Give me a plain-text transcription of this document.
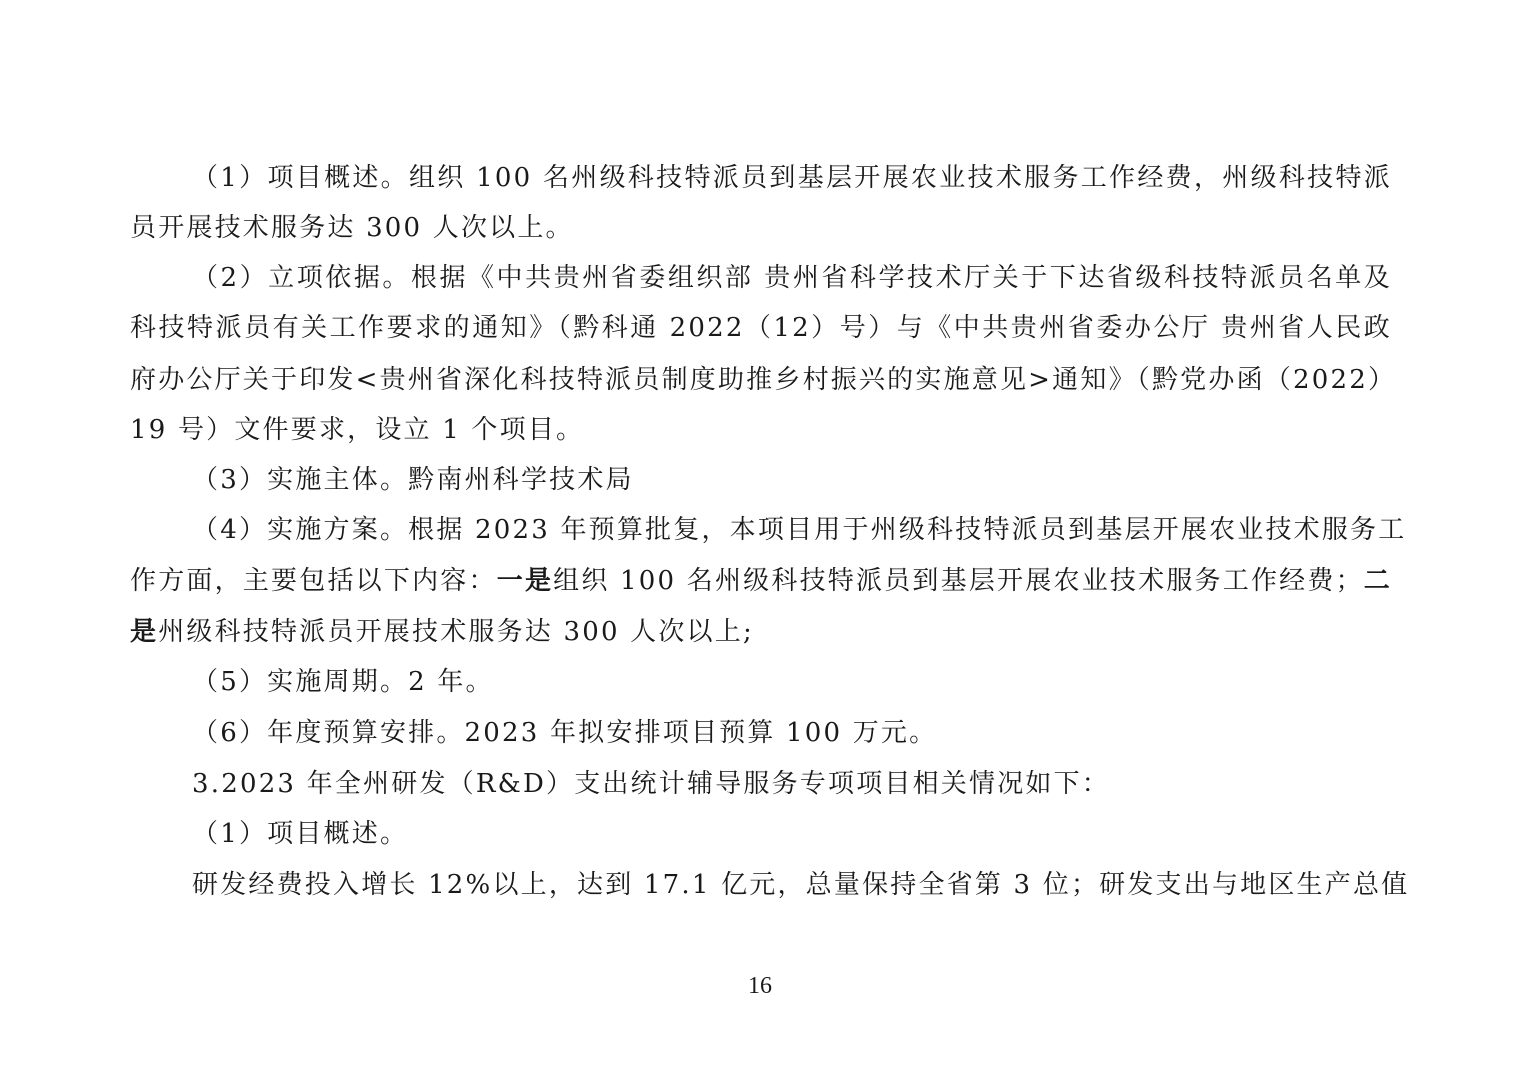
（1）项目概述。组织 100 名州级科技特派员到基层开展农业技术服务工作经费，州级科技特派
员开展技术服务达 300 人次以上。
（2）立项依据。根据《中共贵州省委组织部 贵州省科学技术厅关于下达省级科技特派员名单及
科技特派员有关工作要求的通知》（黔科通 2022（12）号）与《中共贵州省委办公厅 贵州省人民政
府办公厅关于印发<贵州省深化科技特派员制度助推乡村振兴的实施意见>通知》（黔党办函（2022）
19 号）文件要求，设立 1 个项目。
（3）实施主体。黔南州科学技术局
（4）实施方案。根据 2023 年预算批复，本项目用于州级科技特派员到基层开展农业技术服务工
作方面，主要包括以下内容：一是组织 100 名州级科技特派员到基层开展农业技术服务工作经费；二
是州级科技特派员开展技术服务达 300 人次以上;
（5）实施周期。2 年。
（6）年度预算安排。2023 年拟安排项目预算 100 万元。
3.2023 年全州研发（R&D）支出统计辅导服务专项项目相关情况如下：
（1）项目概述。
研发经费投入增长 12%以上，达到 17.1 亿元，总量保持全省第 3 位；研发支出与地区生产总值
16
